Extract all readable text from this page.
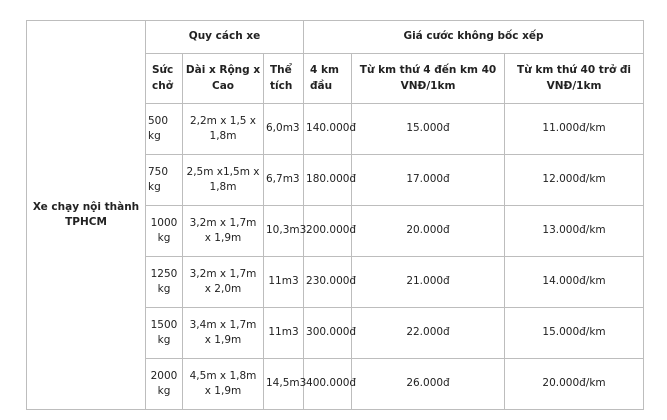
Xe chạy nội thành TPHCM	Quy cách xe			Giá cước không bốc xếp		
	Sức chở	Dài x Rộng x Cao	Thể tích	4 km đầu	Từ km thứ 4 đến km 40 VNĐ/1km	Từ km thứ 40 trở đi VNĐ/1km
	500 kg	2,2m x 1,5 x 1,8m	6,0m3	140.000đ	15.000đ	11.000đ/km
	750 kg	2,5m x1,5m x 1,8m	6,7m3	180.000đ	17.000đ	12.000đ/km
	1000 kg	3,2m x 1,7m x 1,9m	10,3m3	200.000đ	20.000đ	13.000đ/km
	1250 kg	3,2m x 1,7m x 2,0m	11m3	230.000đ	21.000đ	14.000đ/km
	1500 kg	3,4m x 1,7m x 1,9m	11m3	300.000đ	22.000đ	15.000đ/km
	2000 kg	4,5m x 1,8m x 1,9m	14,5m3	400.000đ	26.000đ	20.000đ/km
